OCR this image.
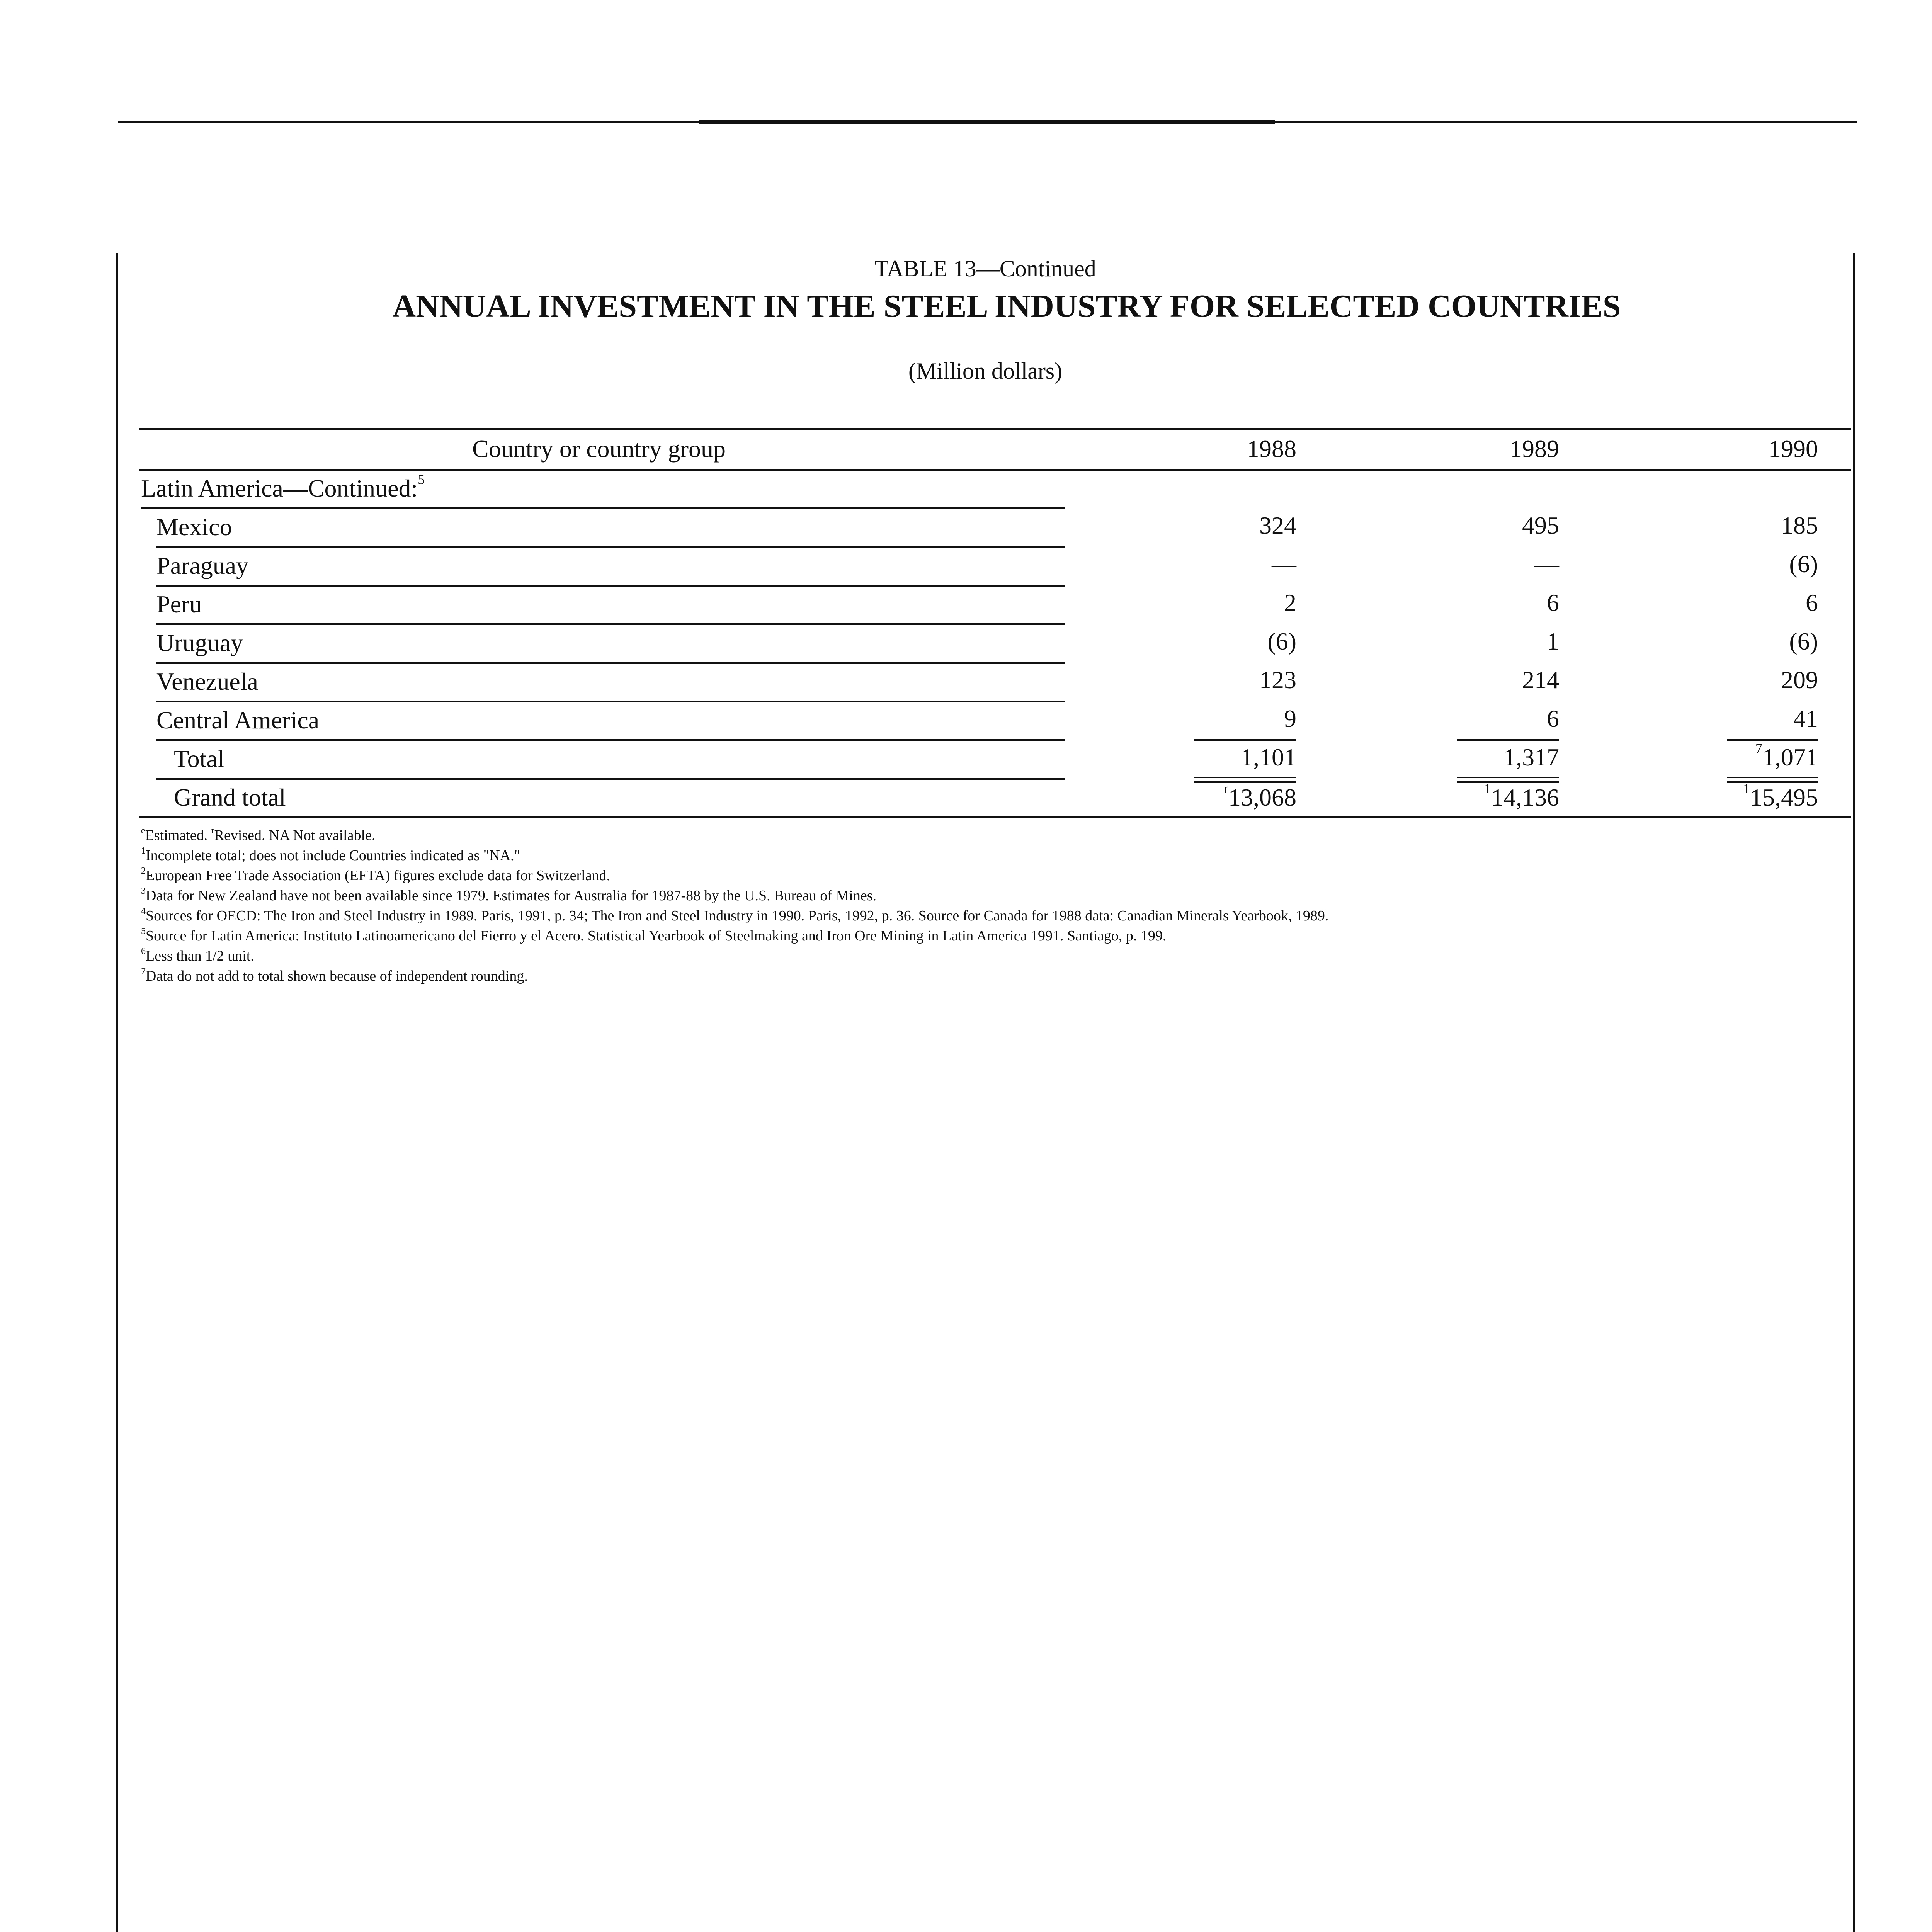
TABLE 13—Continued
ANNUAL INVESTMENT IN THE STEEL INDUSTRY FOR SELECTED COUNTRIES
(Million dollars)
Country or country group	1988	1989	1990
Latin America—Continued:$^5$
Mexico	324	495	185
Paraguay	—	—	(6)
Peru	2	6	6
Uruguay	(6)	1	(6)
Venezuela	123	214	209
Central America	9	6	41
Total	1,101	1,317	$^7$1,071
Grand total	$^r$13,068	$^1$14,136	$^1$15,495
$^e$Estimated. $^r$Revised. NA Not available.
$^1$Incomplete total; does not include Countries indicated as "NA."
$^2$European Free Trade Association (EFTA) figures exclude data for Switzerland.
$^3$Data for New Zealand have not been available since 1979. Estimates for Australia for 1987-88 by the U.S. Bureau of Mines.
$^4$Sources for OECD: The Iron and Steel Industry in 1989. Paris, 1991, p. 34; The Iron and Steel Industry in 1990. Paris, 1992, p. 36. Source for Canada for 1988 data: Canadian Minerals Yearbook, 1989.
$^5$Source for Latin America: Instituto Latinoamericano del Fierro y el Acero. Statistical Yearbook of Steelmaking and Iron Ore Mining in Latin America 1991. Santiago, p. 199.
$^6$Less than 1/2 unit.
$^7$Data do not add to total shown because of independent rounding.
